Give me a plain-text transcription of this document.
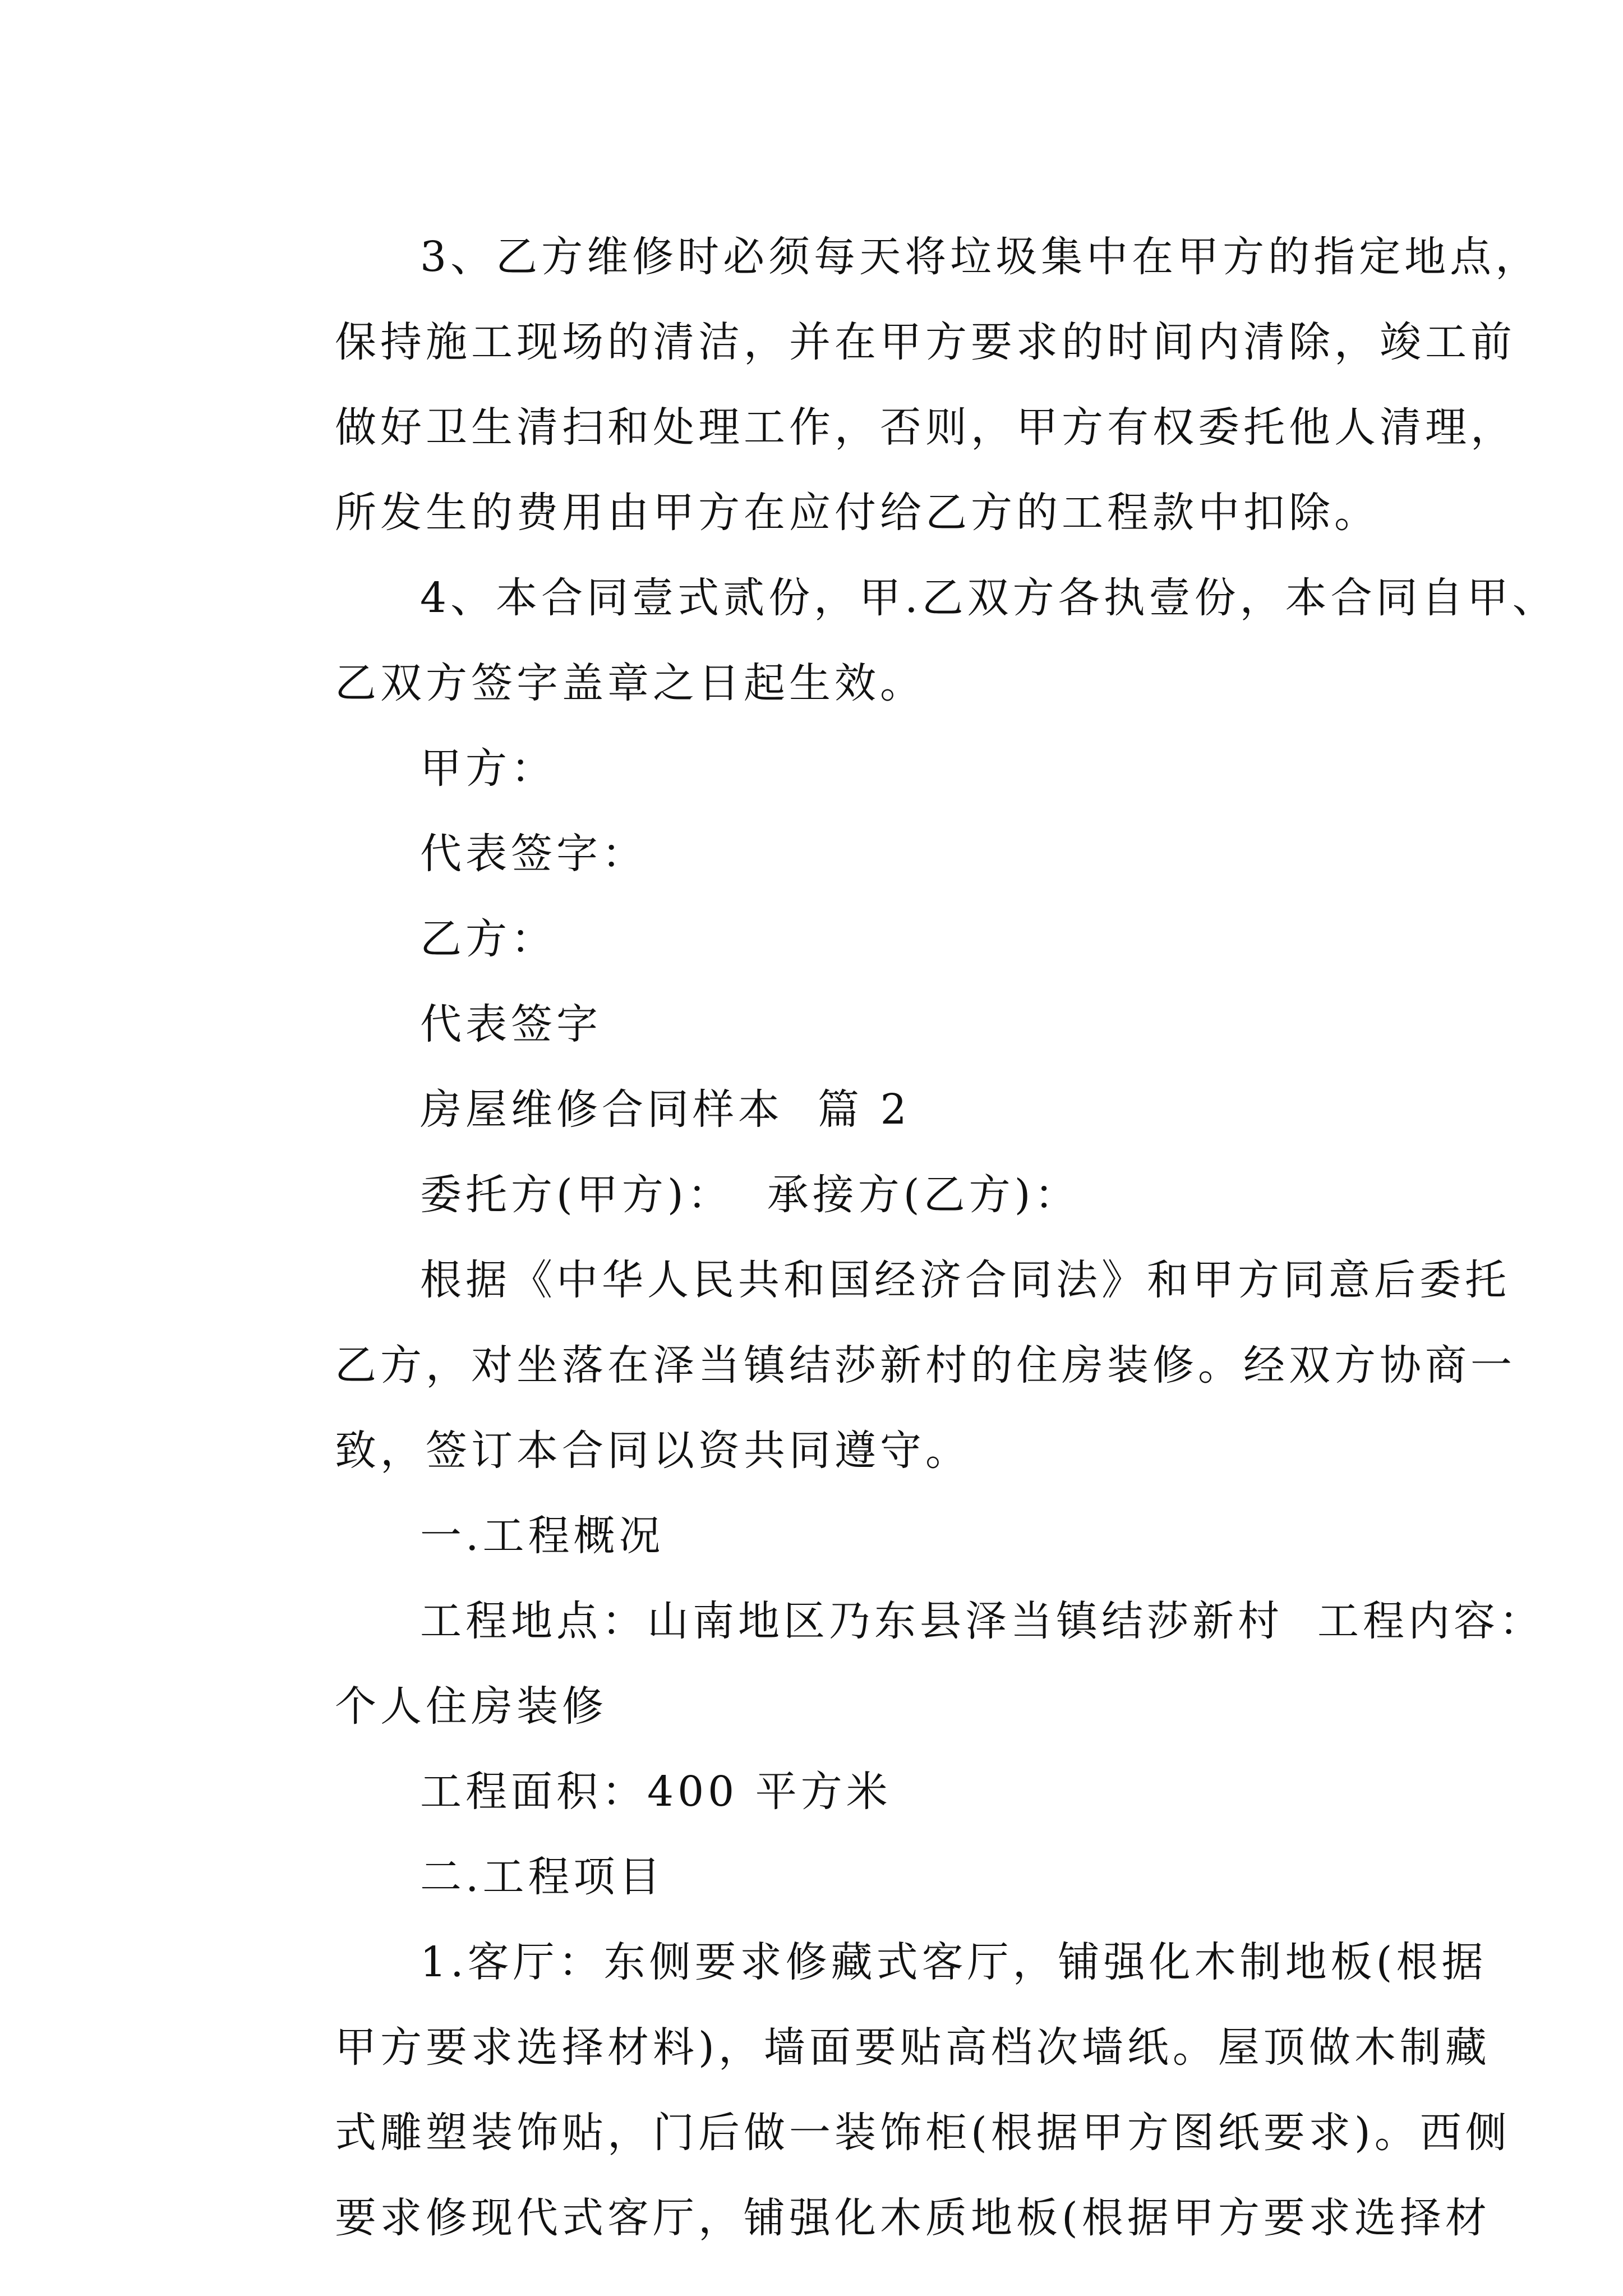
3、乙方维修时必须每天将垃圾集中在甲方的指定地点，
保持施工现场的清洁，并在甲方要求的时间内清除，竣工前
做好卫生清扫和处理工作，否则，甲方有权委托他人清理，
所发生的费用由甲方在应付给乙方的工程款中扣除。

4、本合同壹式贰份，甲.乙双方各执壹份，本合同自甲、
乙双方签字盖章之日起生效。

甲方：

代表签字：

乙方：

代表签字

房屋维修合同样本  篇 2

委托方(甲方)：  承接方(乙方)：

根据《中华人民共和国经济合同法》和甲方同意后委托
乙方，对坐落在泽当镇结莎新村的住房装修。经双方协商一
致，签订本合同以资共同遵守。

一.工程概况

工程地点：山南地区乃东县泽当镇结莎新村  工程内容：
个人住房装修

工程面积：400 平方米

二.工程项目

1.客厅：东侧要求修藏式客厅，铺强化木制地板(根据
甲方要求选择材料)，墙面要贴高档次墙纸。屋顶做木制藏
式雕塑装饰贴，门后做一装饰柜(根据甲方图纸要求)。西侧
要求修现代式客厅，铺强化木质地板(根据甲方要求选择材
